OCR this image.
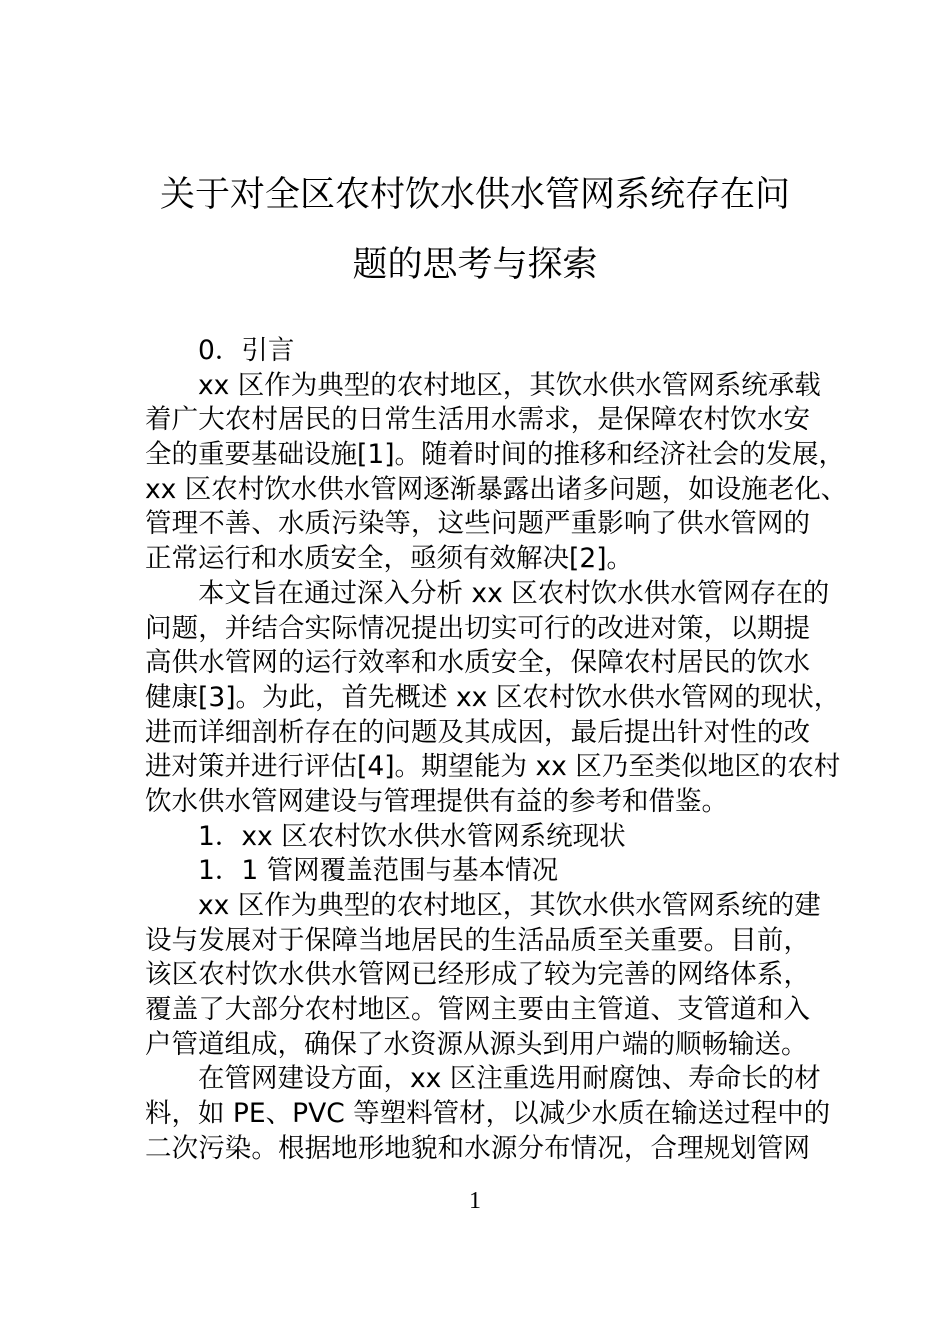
关于对全区农村饮水供水管网系统存在问
题的思考与探索
0．引言
xx 区作为典型的农村地区，其饮水供水管网系统承载
着广大农村居民的日常生活用水需求，是保障农村饮水安
全的重要基础设施[1]。随着时间的推移和经济社会的发展，
xx 区农村饮水供水管网逐渐暴露出诸多问题，如设施老化、
管理不善、水质污染等，这些问题严重影响了供水管网的
正常运行和水质安全，亟须有效解决[2]。
本文旨在通过深入分析 xx 区农村饮水供水管网存在的
问题，并结合实际情况提出切实可行的改进对策，以期提
高供水管网的运行效率和水质安全，保障农村居民的饮水
健康[3]。为此，首先概述 xx 区农村饮水供水管网的现状，
进而详细剖析存在的问题及其成因，最后提出针对性的改
进对策并进行评估[4]。期望能为 xx 区乃至类似地区的农村
饮水供水管网建设与管理提供有益的参考和借鉴。
1．xx 区农村饮水供水管网系统现状
1．1 管网覆盖范围与基本情况
xx 区作为典型的农村地区，其饮水供水管网系统的建
设与发展对于保障当地居民的生活品质至关重要。目前，
该区农村饮水供水管网已经形成了较为完善的网络体系，
覆盖了大部分农村地区。管网主要由主管道、支管道和入
户管道组成，确保了水资源从源头到用户端的顺畅输送。
在管网建设方面，xx 区注重选用耐腐蚀、寿命长的材
料，如 PE、PVC 等塑料管材，以减少水质在输送过程中的
二次污染。根据地形地貌和水源分布情况，合理规划管网
1
